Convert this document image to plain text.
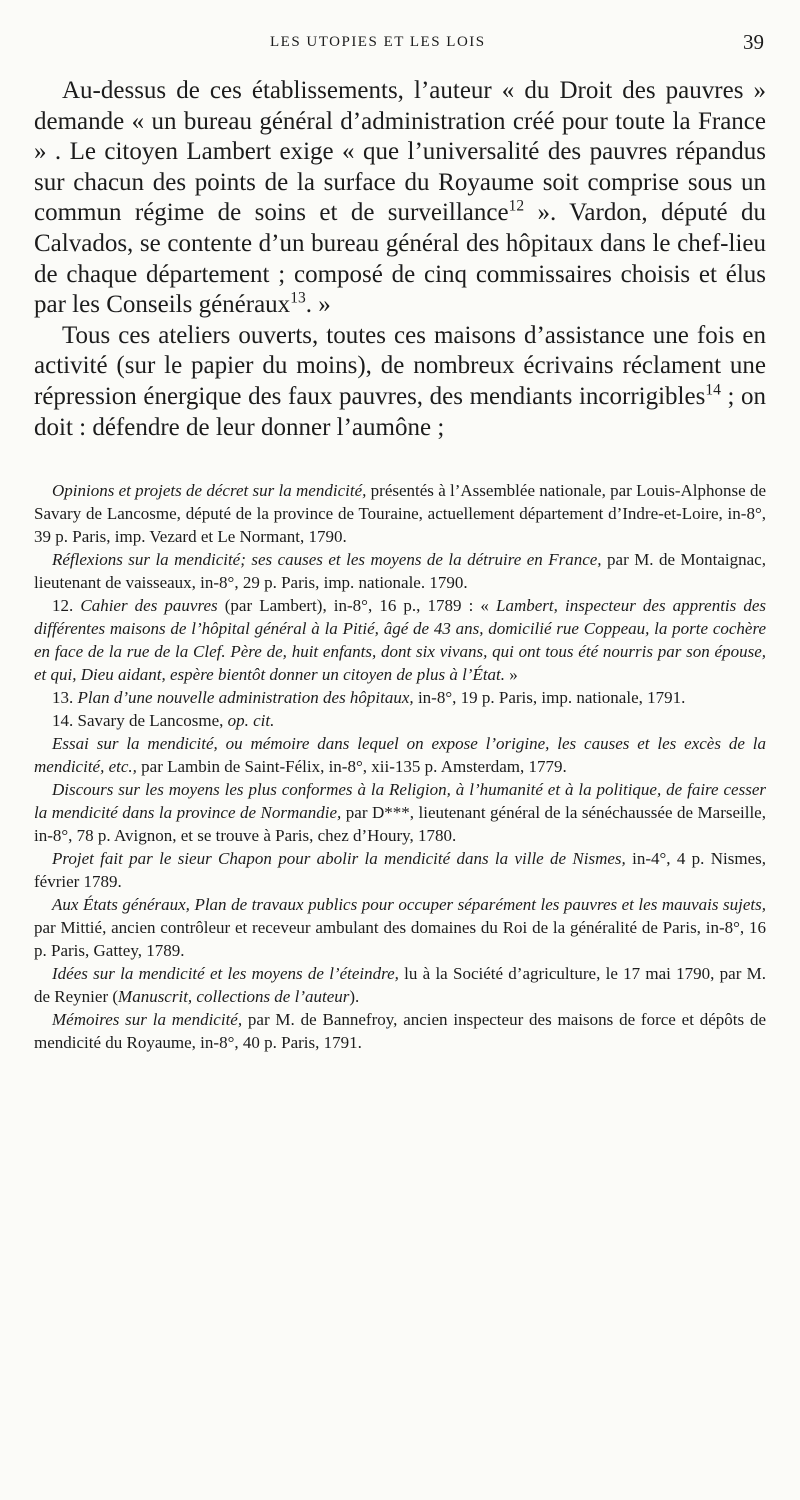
LES UTOPIES ET LES LOIS	39

Au-dessus de ces établissements, l’auteur « du Droit des pauvres » demande « un bureau général d’administration créé pour toute la France » . Le citoyen Lambert exige « que l’universalité des pauvres répandus sur chacun des points de la surface du Royaume soit comprise sous un commun régime de soins et de surveillance$^{12}$ ». Vardon, député du Calvados, se contente d’un bureau général des hôpitaux dans le chef-lieu de chaque département ; composé de cinq commissaires choisis et élus par les Conseils généraux$^{13}$. »

Tous ces ateliers ouverts, toutes ces maisons d’assistance une fois en activité (sur le papier du moins), de nombreux écrivains réclament une répression énergique des faux pauvres, des mendiants incorrigibles$^{14}$ ; on doit : défendre de leur donner l’aumône ;

Opinions et projets de décret sur la mendicité, présentés à l’Assemblée nationale, par Louis-Alphonse de Savary de Lancosme, député de la province de Touraine, actuellement département d’Indre-et-Loire, in-8°, 39 p. Paris, imp. Vezard et Le Normant, 1790.

Réflexions sur la mendicité; ses causes et les moyens de la détruire en France, par M. de Montaignac, lieutenant de vaisseaux, in-8°, 29 p. Paris, imp. nationale. 1790.

12. Cahier des pauvres (par Lambert), in-8°, 16 p., 1789 : « Lambert, inspecteur des apprentis des différentes maisons de l’hôpital général à la Pitié, âgé de 43 ans, domicilié rue Coppeau, la porte cochère en face de la rue de la Clef. Père de, huit enfants, dont six vivans, qui ont tous été nourris par son épouse, et qui, Dieu aidant, espère bientôt donner un citoyen de plus à l’État. »

13. Plan d’une nouvelle administration des hôpitaux, in-8°, 19 p. Paris, imp. nationale, 1791.

14. Savary de Lancosme, op. cit.

Essai sur la mendicité, ou mémoire dans lequel on expose l’origine, les causes et les excès de la mendicité, etc., par Lambin de Saint-Félix, in-8°, xii-135 p. Amsterdam, 1779.

Discours sur les moyens les plus conformes à la Religion, à l’humanité et à la politique, de faire cesser la mendicité dans la province de Normandie, par D***, lieutenant général de la sénéchaussée de Marseille, in-8°, 78 p. Avignon, et se trouve à Paris, chez d’Houry, 1780.

Projet fait par le sieur Chapon pour abolir la mendicité dans la ville de Nismes, in-4°, 4 p. Nismes, février 1789.

Aux États généraux, Plan de travaux publics pour occuper séparément les pauvres et les mauvais sujets, par Mittié, ancien contrôleur et receveur ambulant des domaines du Roi de la généralité de Paris, in-8°, 16 p. Paris, Gattey, 1789.

Idées sur la mendicité et les moyens de l’éteindre, lu à la Société d’agriculture, le 17 mai 1790, par M. de Reynier (Manuscrit, collections de l’auteur).

Mémoires sur la mendicité, par M. de Bannefroy, ancien inspecteur des maisons de force et dépôts de mendicité du Royaume, in-8°, 40 p. Paris, 1791.
